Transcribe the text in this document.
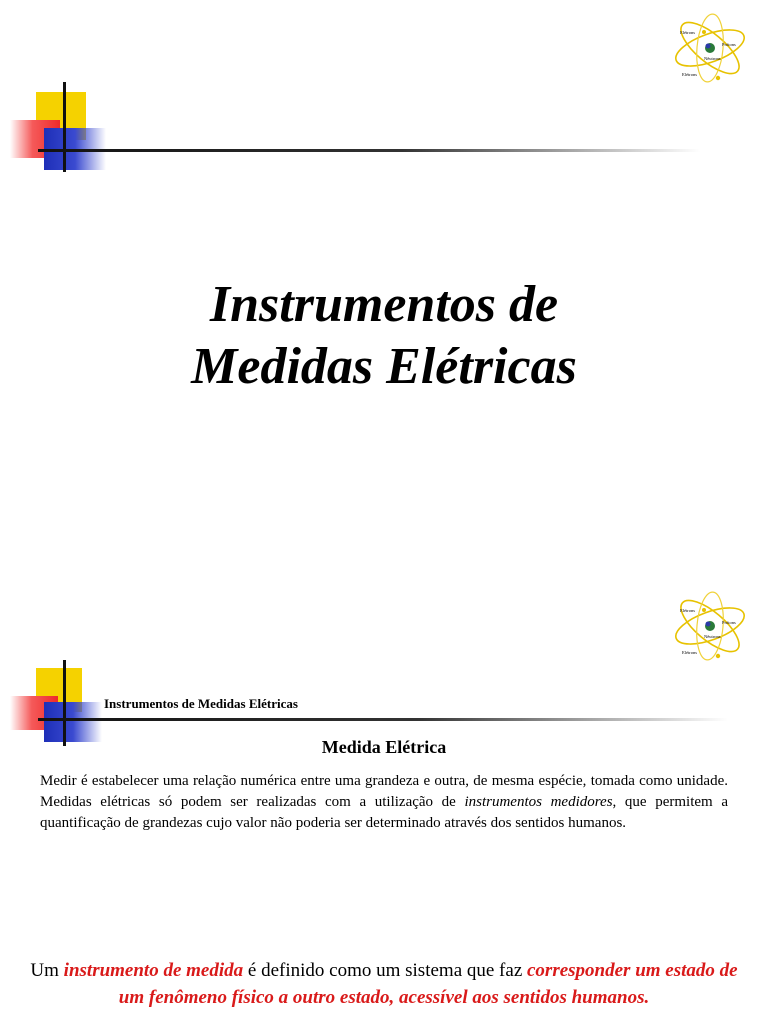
Elétrons
Prótons
Nêutrons
Elétrons
Instrumentos de
Medidas Elétricas
Elétrons
Prótons
Nêutrons
Elétrons
Instrumentos de Medidas Elétricas
Medida Elétrica
Medir é estabelecer uma relação numérica entre uma grandeza e outra, de mesma espécie, tomada como unidade. Medidas elétricas só podem ser realizadas com a utilização de instrumentos medidores, que permitem a quantificação de grandezas cujo valor não poderia ser determinado através dos sentidos humanos.
Um instrumento de medida é definido como um sistema que faz corresponder um estado de um fenômeno físico a outro estado, acessível aos sentidos humanos.
